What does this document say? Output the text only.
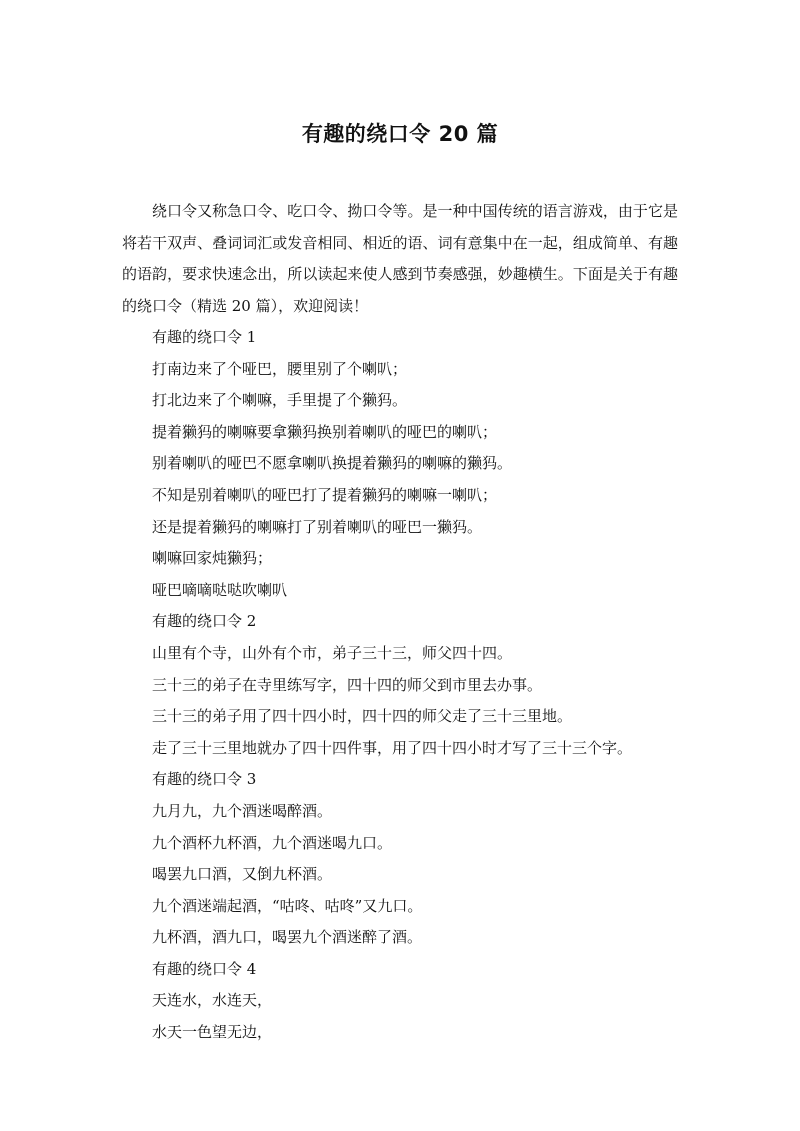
有趣的绕口令 20 篇

绕口令又称急口令、吃口令、拗口令等。是一种中国传统的语言游戏，由于它是将若干双声、叠词词汇或发音相同、相近的语、词有意集中在一起，组成简单、有趣的语韵，要求快速念出，所以读起来使人感到节奏感强，妙趣横生。下面是关于有趣的绕口令（精选 20 篇），欢迎阅读！

有趣的绕口令 1
打南边来了个哑巴，腰里别了个喇叭；
打北边来了个喇嘛，手里提了个獭犸。
提着獭犸的喇嘛要拿獭犸换别着喇叭的哑巴的喇叭；
别着喇叭的哑巴不愿拿喇叭换提着獭犸的喇嘛的獭犸。
不知是别着喇叭的哑巴打了提着獭犸的喇嘛一喇叭；
还是提着獭犸的喇嘛打了别着喇叭的哑巴一獭犸。
喇嘛回家炖獭犸；
哑巴嘀嘀哒哒吹喇叭
有趣的绕口令 2
山里有个寺，山外有个市，弟子三十三，师父四十四。
三十三的弟子在寺里练写字，四十四的师父到市里去办事。
三十三的弟子用了四十四小时，四十四的师父走了三十三里地。
走了三十三里地就办了四十四件事，用了四十四小时才写了三十三个字。
有趣的绕口令 3
九月九，九个酒迷喝醉酒。
九个酒杯九杯酒，九个酒迷喝九口。
喝罢九口酒，又倒九杯酒。
九个酒迷端起酒，“咕咚、咕咚”又九口。
九杯酒，酒九口，喝罢九个酒迷醉了酒。
有趣的绕口令 4
天连水，水连天，
水天一色望无边，
